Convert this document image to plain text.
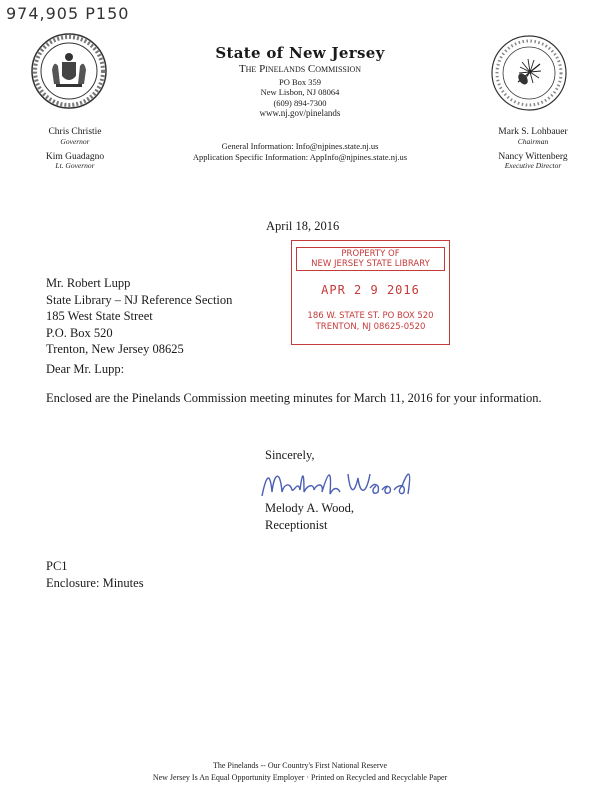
974,905 P150
State of New Jersey
The Pinelands Commission
PO Box 359
New Lisbon, NJ 08064
(609) 894-7300
www.nj.gov/pinelands
General Information: Info@njpines.state.nj.us
Application Specific Information: AppInfo@njpines.state.nj.us
Chris Christie
Governor
Kim Guadagno
Lt. Governor
Mark S. Lohbauer
Chairman
Nancy Wittenberg
Executive Director
April 18, 2016
PROPERTY OF
NEW JERSEY STATE LIBRARY
APR 2 9 2016
186 W. STATE ST. PO BOX 520
TRENTON, NJ 08625-0520
Mr. Robert Lupp
State Library – NJ Reference Section
185 West State Street
P.O. Box 520
Trenton, New Jersey 08625
Dear Mr. Lupp:
Enclosed are the Pinelands Commission meeting minutes for March 11, 2016 for your information.
Sincerely,
Melody A. Wood,
Receptionist
PC1
Enclosure: Minutes
The Pinelands -- Our Country's First National Reserve
New Jersey Is An Equal Opportunity Employer · Printed on Recycled and Recyclable Paper
